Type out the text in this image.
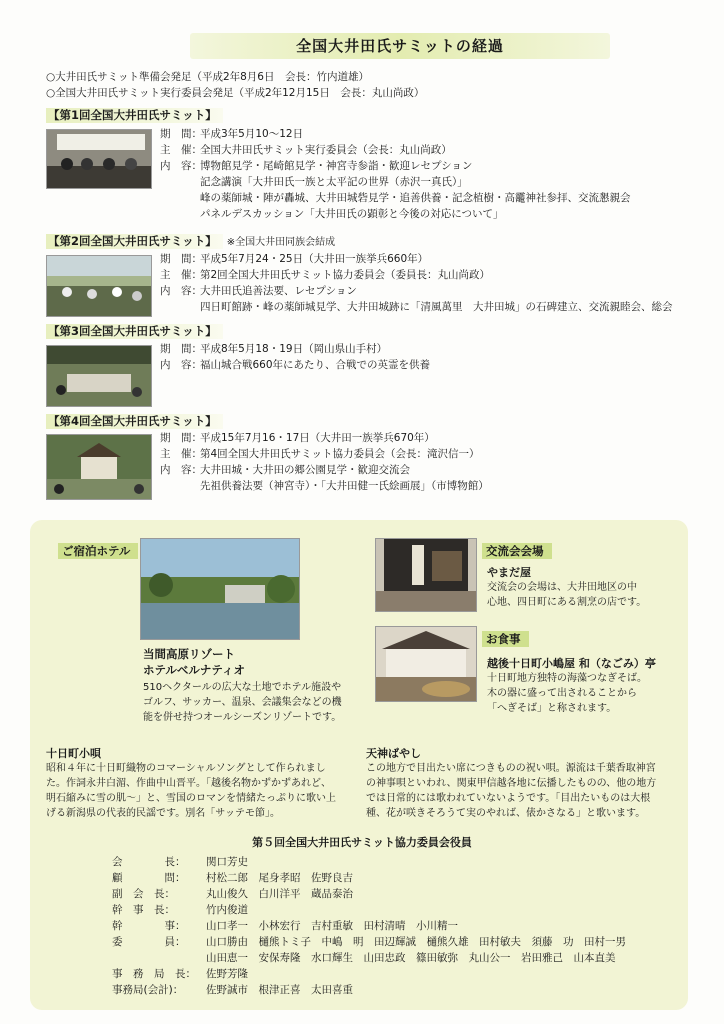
全国大井田氏サミットの経過
○大井田氏サミット準備会発足（平成2年8月6日　会長：竹内道雄）
○全国大井田氏サミット実行委員会発足（平成2年12月15日　会長：丸山尚政）
【第1回全国大井田氏サミット】
期　間：平成3年5月10～12日
主　催：全国大井田氏サミット実行委員会（会長：丸山尚政）
内　容：博物館見学・尾崎館見学・神宮寺参詣・歓迎レセプション
記念講演「大井田氏一族と太平記の世界（赤沢一真氏）」
峰の薬師城・陣が轟城、大井田城砦見学・追善供養・記念植樹・高龗神社参拝、交流懇親会
パネルデスカッション「大井田氏の顕彰と今後の対応について」
【第2回全国大井田氏サミット】 ※全国大井田同族会結成
期　間：平成5年7月24・25日（大井田一族挙兵660年）
主　催：第2回全国大井田氏サミット協力委員会（委員長：丸山尚政）
内　容：大井田氏追善法要、レセプション
四日町館跡・峰の薬師城見学、大井田城跡に「清風萬里　大井田城」の石碑建立、交流親睦会、総会
【第3回全国大井田氏サミット】
期　間：平成8年5月18・19日（岡山県山手村）
内　容：福山城合戦660年にあたり、合戦での英霊を供養
【第4回全国大井田氏サミット】
期　間：平成15年7月16・17日（大井田一族挙兵670年）
主　催：第4回全国大井田氏サミット協力委員会（会長：滝沢信一）
内　容：大井田城・大井田の郷公園見学・歓迎交流会
先祖供養法要（神宮寺）・「大井田健一氏絵画展」（市博物館）
ご宿泊ホテル
当間高原リゾート
ホテルベルナティオ
510ヘクタールの広大な土地でホテル施設や
ゴルフ、サッカー、温泉、会議集会などの機
能を併せ持つオールシーズンリゾートです。
交流会会場
やまだ屋
交流会の会場は、大井田地区の中
心地、四日町にある割烹の店です。
お食事
越後十日町小嶋屋 和（なごみ）亭
十日町地方独特の海藻つなぎそば。
木の器に盛って出されることから
「へぎそば」と称されます。
十日町小唄
昭和４年に十日町織物のコマーシャルソングとして作られまし
た。作詞永井白湄、作曲中山晋平。「越後名物かずかずあれど、
明石縮みに雪の肌～」と、雪国のロマンを情緒たっぷりに歌い上
げる新潟県の代表的民謡です。別名「サッテモ節」。
天神ばやし
この地方で目出たい席につきものの祝い唄。源流は千葉香取神宮
の神事唄といわれ、関東甲信越各地に伝播したものの、他の地方
では日常的には歌われていないようです。「目出たいものは大根
種、花が咲きそろうて実のやれば、俵かさなる」と歌います。
第５回全国大井田氏サミット協力委員会役員
会　　　　長： 関口芳史
顧　　　　問： 村松二郎　尾身孝昭　佐野良吉
副　会　長：	丸山俊久　白川洋平　蔵品泰治
幹　事　長：	竹内俊道
幹　　　　事： 山口孝一　小林宏行　吉村重敏　田村清晴　小川精一
委　　　　員： 山口勝由　樋熊トミ子　中嶋　明　田辺輝誠　樋熊久雄　田村敏夫　須藤　功　田村一男
山田恵一　安保寿隆　水口輝生　山田忠政　篠田敏弥　丸山公一　岩田雅己　山本直美
事　務　局　長： 佐野芳隆
事務局(会計)： 佐野誠市　根津正喜　太田喜重
